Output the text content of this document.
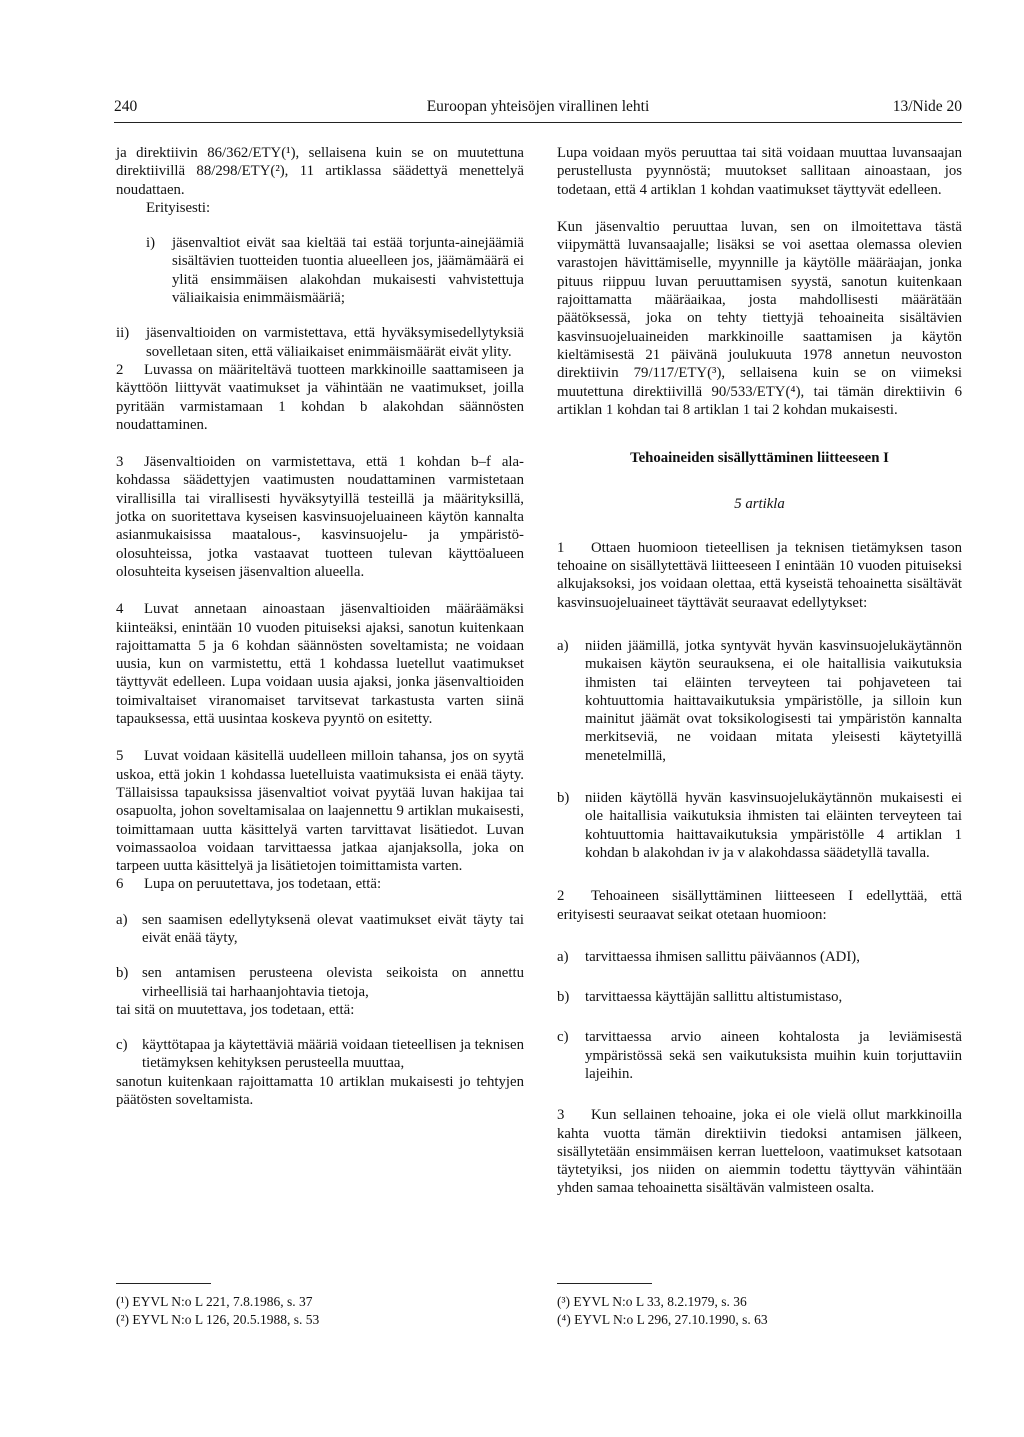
240	Euroopan yhteisöjen virallinen lehti	13/Nide 20

ja direktiivin 86/362/ETY(¹), sellaisena kuin se on muutettuna direktiivillä 88/298/ETY(²), 11 artiklassa säädettyä menettelyä noudattaen.

Erityisesti:

i)	jäsenvaltiot eivät saa kieltää tai estää torjunta-ainejäämiä sisältävien tuotteiden tuontia alueelleen jos, jäämämäärä ei ylitä ensimmäisen alakohdan mukaisesti vahvistettuja väliaikaisia enimmäismääriä;
ii)	jäsenvaltioiden on varmistettava, että hyväksymisedellytyksiä sovelletaan siten, että väliaikaiset enimmäismäärät eivät ylity.

2 Luvassa on määriteltävä tuotteen markkinoille saattamiseen ja käyttöön liittyvät vaatimukset ja vähintään ne vaatimukset, joilla pyritään varmistamaan 1 kohdan b alakohdan säännösten noudattaminen.

3 Jäsenvaltioiden on varmistettava, että 1 kohdan b–f ala-kohdassa säädettyjen vaatimusten noudattaminen varmistetaan virallisilla tai virallisesti hyväksytyillä testeillä ja määrityksillä, jotka on suoritettava kyseisen kasvinsuojeluaineen käytön kannalta asianmukaisissa maatalous-, kasvinsuojelu- ja ympäristö-olosuhteissa, jotka vastaavat tuotteen tulevan käyttöalueen olosuhteita kyseisen jäsenvaltion alueella.

4 Luvat annetaan ainoastaan jäsenvaltioiden määräämäksi kiinteäksi, enintään 10 vuoden pituiseksi ajaksi, sanotun kuitenkaan rajoittamatta 5 ja 6 kohdan säännösten soveltamista; ne voidaan uusia, kun on varmistettu, että 1 kohdassa luetellut vaatimukset täyttyvät edelleen. Lupa voidaan uusia ajaksi, jonka jäsenvaltioiden toimivaltaiset viranomaiset tarvitsevat tarkastusta varten siinä tapauksessa, että uusintaa koskeva pyyntö on esitetty.

5 Luvat voidaan käsitellä uudelleen milloin tahansa, jos on syytä uskoa, että jokin 1 kohdassa luetelluista vaatimuksista ei enää täyty. Tällaisissa tapauksissa jäsenvaltiot voivat pyytää luvan hakijaa tai osapuolta, johon soveltamisalaa on laajennettu 9 artiklan mukaisesti, toimittamaan uutta käsittelyä varten tarvittavat lisätiedot. Luvan voimassaoloa voidaan tarvittaessa jatkaa ajanjaksolla, joka on tarpeen uutta käsittelyä ja lisätietojen toimittamista varten.

6 Lupa on peruutettava, jos todetaan, että:

a) sen saamisen edellytyksenä olevat vaatimukset eivät täyty tai eivät enää täyty,
b) sen antamisen perusteena olevista seikoista on annettu virheellisiä tai harhaanjohtavia tietoja,

tai sitä on muutettava, jos todetaan, että:

c) käyttötapaa ja käytettäviä määriä voidaan tieteellisen ja teknisen tietämyksen kehityksen perusteella muuttaa,

sanotun kuitenkaan rajoittamatta 10 artiklan mukaisesti jo tehtyjen päätösten soveltamista.

Lupa voidaan myös peruuttaa tai sitä voidaan muuttaa luvansaajan perustellusta pyynnöstä; muutokset sallitaan ainoastaan, jos todetaan, että 4 artiklan 1 kohdan vaatimukset täyttyvät edelleen.

Kun jäsenvaltio peruuttaa luvan, sen on ilmoitettava tästä viipymättä luvansaajalle; lisäksi se voi asettaa olemassa olevien varastojen hävittämiselle, myynnille ja käytölle määräajan, jonka pituus riippuu luvan peruuttamisen syystä, sanotun kuitenkaan rajoittamatta määräaikaa, josta mahdollisesti määrätään päätöksessä, joka on tehty tiettyjä tehoaineita sisältävien kasvinsuojeluaineiden markkinoille saattamisen ja käytön kieltämisestä 21 päivänä joulukuuta 1978 annetun neuvoston direktiivin 79/117/ETY(³), sellaisena kuin se on viimeksi muutettuna direktiivillä 90/533/ETY(⁴), tai tämän direktiivin 6 artiklan 1 kohdan tai 8 artiklan 1 tai 2 kohdan mukaisesti.

Tehoaineiden sisällyttäminen liitteeseen I

5 artikla

1 Ottaen huomioon tieteellisen ja teknisen tietämyksen tason tehoaine on sisällytettävä liitteeseen I enintään 10 vuoden pituiseksi alkujaksoksi, jos voidaan olettaa, että kyseistä tehoainetta sisältävät kasvinsuojeluaineet täyttävät seuraavat edellytykset:

a)	niiden jäämillä, jotka syntyvät hyvän kasvinsuojelukäytännön mukaisen käytön seurauksena, ei ole haitallisia vaikutuksia ihmisten tai eläinten terveyteen tai pohjaveteen tai kohtuuttomia haittavaikutuksia ympäristölle, ja silloin kun mainitut jäämät ovat toksikologisesti tai ympäristön kannalta merkitseviä, ne voidaan mitata yleisesti käytetyillä menetelmillä,
b)	niiden käytöllä hyvän kasvinsuojelukäytännön mukaisesti ei ole haitallisia vaikutuksia ihmisten tai eläinten terveyteen tai kohtuuttomia haittavaikutuksia ympäristölle 4 artiklan 1 kohdan b alakohdan iv ja v alakohdassa säädetyllä tavalla.

2 Tehoaineen sisällyttäminen liitteeseen I edellyttää, että erityisesti seuraavat seikat otetaan huomioon:

a)	tarvittaessa ihmisen sallittu päiväannos (ADI),
b)	tarvittaessa käyttäjän sallittu altistumistaso,
c)	tarvittaessa arvio aineen kohtalosta ja leviämisestä ympäristössä sekä sen vaikutuksista muihin kuin torjuttaviin lajeihin.

3 Kun sellainen tehoaine, joka ei ole vielä ollut markkinoilla kahta vuotta tämän direktiivin tiedoksi antamisen jälkeen, sisällytetään ensimmäisen kerran luetteloon, vaatimukset katsotaan täytetyiksi, jos niiden on aiemmin todettu täyttyvän vähintään yhden samaa tehoainetta sisältävän valmisteen osalta.

(¹) EYVL N:o L 221, 7.8.1986, s. 37
(²) EYVL N:o L 126, 20.5.1988, s. 53
(³) EYVL N:o L 33, 8.2.1979, s. 36
(⁴) EYVL N:o L 296, 27.10.1990, s. 63
